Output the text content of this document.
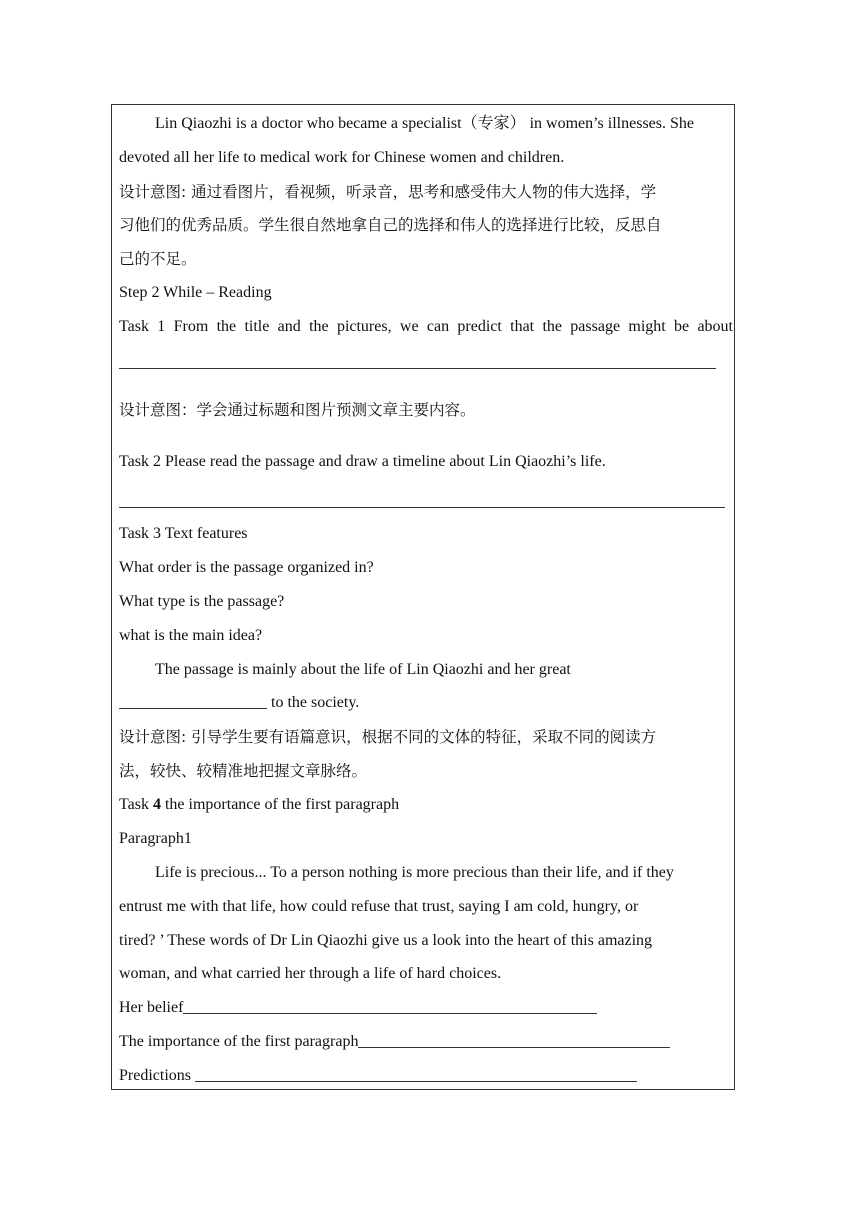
Lin Qiaozhi is a doctor who became a specialist（专家） in women’s illnesses. She
devoted all her life to medical work for Chinese women and children.
设计意图: 通过看图片，看视频，听录音，思考和感受伟大人物的伟大选择，学
习他们的优秀品质。学生很自然地拿自己的选择和伟人的选择进行比较，反思自
己的不足。
Step 2 While – Reading
Task 1 From the title and the pictures, we can predict that the passage might be about
设计意图：学会通过标题和图片预测文章主要内容。
Task 2 Please read the passage and draw a timeline about Lin Qiaozhi’s life.
Task 3 Text features
What order is the passage organized in?
What type is the passage?
what is the main idea?
The passage is mainly about the life of Lin Qiaozhi and her great
to the society.
设计意图: 引导学生要有语篇意识，根据不同的文体的特征，采取不同的阅读方
法，较快、较精准地把握文章脉络。
Task 4 the importance of the first paragraph
Paragraph1
Life is precious... To a person nothing is more precious than their life, and if they
entrust me with that life, how could refuse that trust, saying I am cold, hungry, or
tired? ’ These words of Dr Lin Qiaozhi give us a look into the heart of this amazing
woman, and what carried her through a life of hard choices.
Her belief
The importance of the first paragraph
Predictions
